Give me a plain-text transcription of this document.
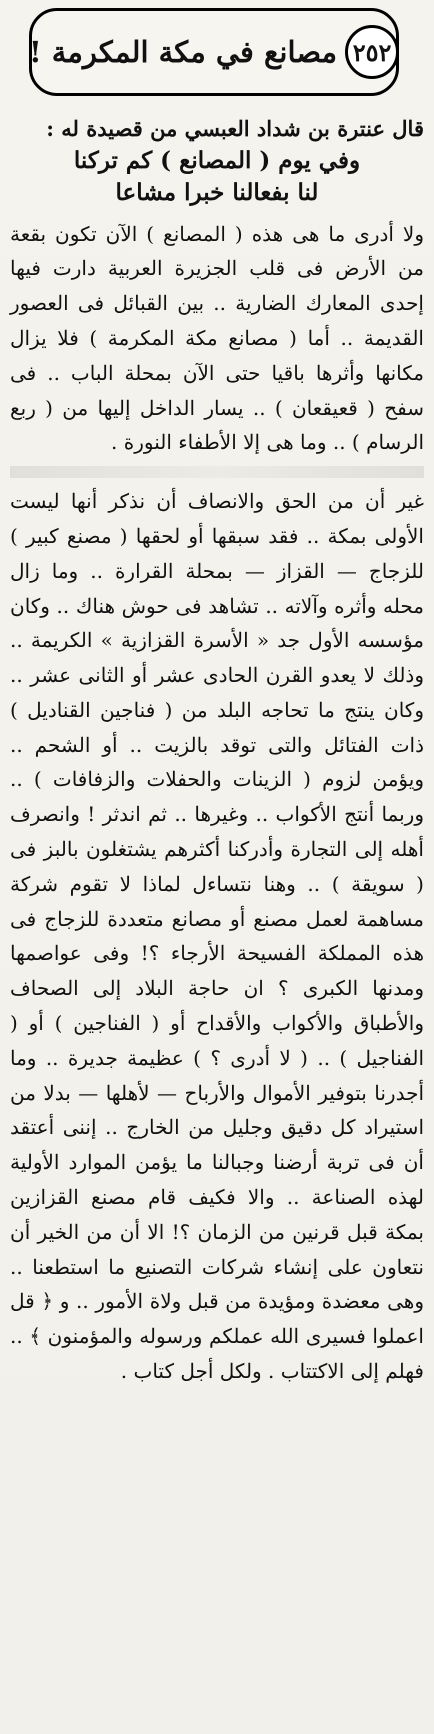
٢٥٢
مصانع في مكة المكرمة !
قال عنترة بن شداد العبسي من قصيدة له :
وفي يوم ( المصانع ) كم تركنا
لنا بفعالنا خبرا مشاعا

ولا أدرى ما هى هذه ( المصانع ) الآن تكون بقعة من الأرض فى قلب الجزيرة العربية دارت فيها إحدى المعارك الضارية .. بين القبائل فى العصور القديمة .. أما ( مصانع مكة المكرمة ) فلا يزال مكانها وأثرها باقيا حتى الآن بمحلة الباب .. فى سفح ( قعيقعان ) .. يسار الداخل إليها من ( ربع الرسام ) .. وما هى إلا الأطفاء النورة .

غير أن من الحق والانصاف أن نذكر أنها ليست الأولى بمكة .. فقد سبقها أو لحقها ( مصنع كبير ) للزجاج — القزاز — بمحلة القرارة .. وما زال محله وأثره وآلاته .. تشاهد فى حوش هناك .. وكان مؤسسه الأول جد « الأسرة القزازية » الكريمة .. وذلك لا يعدو القرن الحادى عشر أو الثانى عشر .. وكان ينتج ما تحاجه البلد من ( فناجين القناديل ) ذات الفتائل والتى توقد بالزيت .. أو الشحم .. ويؤمن لزوم ( الزينات والحفلات والزفافات ) .. وربما أنتج الأكواب .. وغيرها .. ثم اندثر ! وانصرف أهله إلى التجارة وأدركنا أكثرهم يشتغلون بالبز فى ( سويقة ) .. وهنا نتساءل لماذا لا تقوم شركة مساهمة لعمل مصنع أو مصانع متعددة للزجاج فى هذه المملكة الفسيحة الأرجاء ؟! وفى عواصمها ومدنها الكبرى ؟ ان حاجة البلاد إلى الصحاف والأطباق والأكواب والأقداح أو ( الفناجين ) أو ( الفناجيل ) .. ( لا أدرى ؟ ) عظيمة جديرة .. وما أجدرنا بتوفير الأموال والأرباح — لأهلها — بدلا من استيراد كل دقيق وجليل من الخارج .. إننى أعتقد أن فى تربة أرضنا وجبالنا ما يؤمن الموارد الأولية لهذه الصناعة .. والا فكيف قام مصنع القزازين بمكة قبل قرنين من الزمان ؟! الا أن من الخير أن نتعاون على إنشاء شركات التصنيع ما استطعنا .. وهى معضدة ومؤيدة من قبل ولاة الأمور .. و ﴿ قل اعملوا فسيرى الله عملكم ورسوله والمؤمنون ﴾ .. فهلم إلى الاكتتاب . ولكل أجل كتاب .
